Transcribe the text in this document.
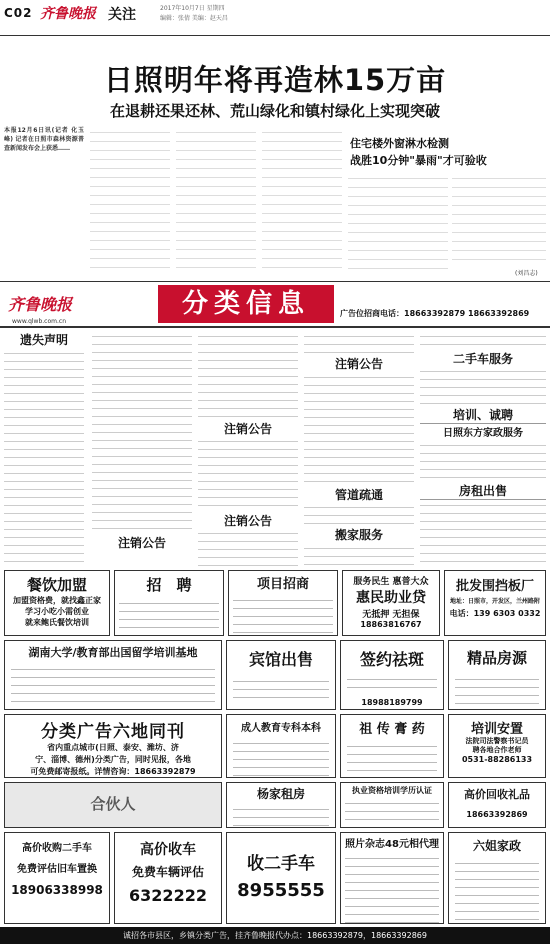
C02 齐鲁晚报 关注	2017年10月7日 星期四
编辑：张倩 美编：赵天昌
日照明年将再造林15万亩
在退耕还果还林、荒山绿化和镇村绿化上实现突破
本报12月6日讯(记者 化玉峰) 记者在日照市森林资源普查新闻发布会上获悉……	住宅楼外窗淋水检测
战胜10分钟"暴雨"才可验收
(刘昌志)
齐鲁晚报
www.qlwb.com.cn
分类信息	广告位招商电话：18663392879 18663392869
遗失声明
注销公告
注销公告
注销公告
注销公告
管道疏通
搬家服务
二手车服务
培训、诚聘
日照东方家政服务
房租出售
餐饮加盟
加盟资格费，就找鑫正家
学习小吃小需创业
就来鲍氏餐饮培训
招　聘	项目招商	服务民生 惠普大众
惠民助业贷
无抵押 无担保
18863816767
批发围挡板厂
地址：日照市，开发区，兰州路附
电话：139 6303 0332
湖南大学/教育部出国留学培训基地	宾馆出售	签约祛斑
18988189799
精品房源
分类广告六地同刊
省内重点城市(日照、泰安、潍坊、济
宁、淄博、德州)分类广告，同时见报，各地
可免费邮寄报纸。详情咨询：18663392879
成人教育专科本科	祖 传 膏 药	培训安置
法院司法警察书记员
聘各地合作老师
0531-88286133
合伙人
杨家租房	执业资格培训学历认证	高价回收礼品
18663392869
高价收购二手车
免费评估旧车置换
18906338998
高价收车
免费车辆评估
6322222
收二手车
8955555
照片杂志48元相代理	六姐家政
诚招各市县区，乡镇分类广告，挂齐鲁晚报代办点：18663392879，18663392869
